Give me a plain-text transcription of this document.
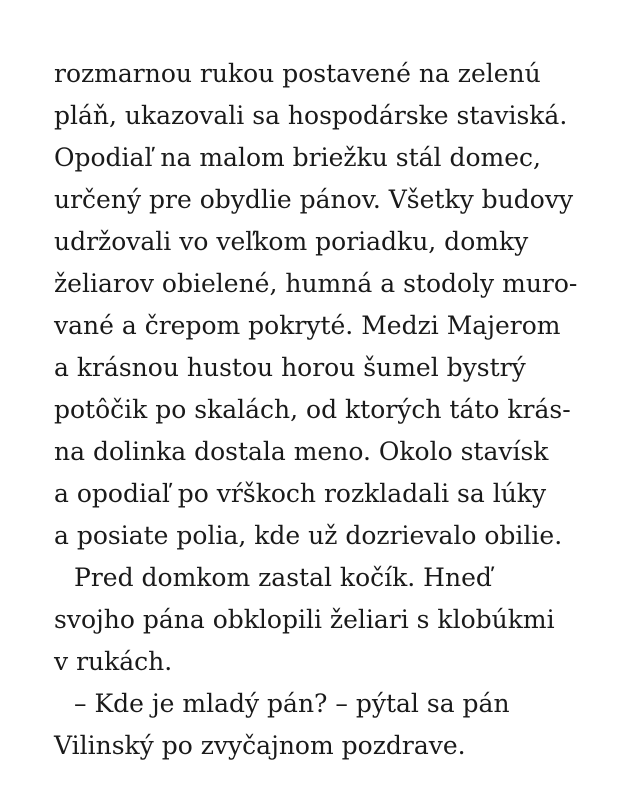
rozmarnou rukou postavené na zelenú
pláň, ukazovali sa hospodárske staviská.
Opodiaľ na malom briežku stál domec,
určený pre obydlie pánov. Všetky budovy
udržovali vo veľkom poriadku, domky
želiarov obielené, humná a stodoly muro-
vané a črepom pokryté. Medzi Majerom
a krásnou hustou horou šumel bystrý
potôčik po skalách, od ktorých táto krás-
na dolinka dostala meno. Okolo stavísk
a opodiaľ po vŕškoch rozkladali sa lúky
a posiate polia, kde už dozrievalo obilie.
Pred domkom zastal kočík. Hneď
svojho pána obklopili želiari s klobúkmi
v rukách.
– Kde je mladý pán? – pýtal sa pán
Vilinský po zvyčajnom pozdrave.
